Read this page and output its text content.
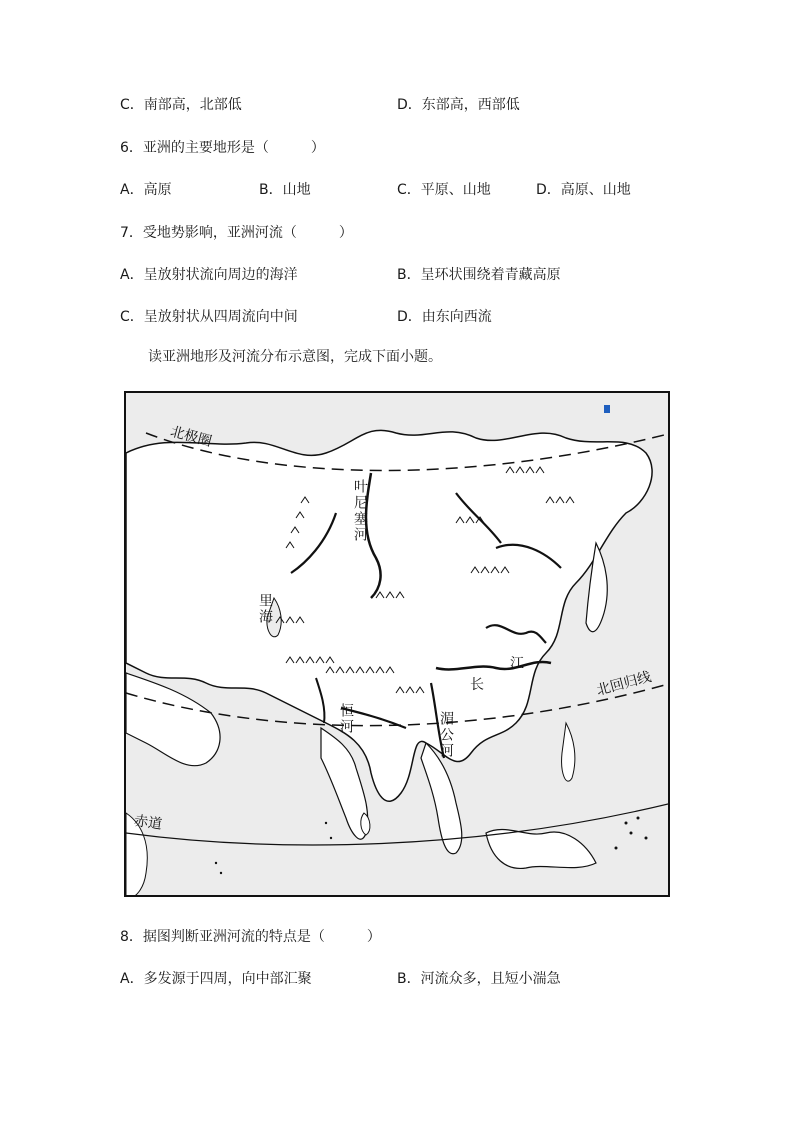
C．南部高，北部低	D．东部高，西部低
6．亚洲的主要地形是（　　　）
A．高原	B．山地	C．平原、山地	D．高原、山地
7．受地势影响，亚洲河流（　　　）
A．呈放射状流向周边的海洋	B．呈环状围绕着青藏高原
C．呈放射状从四周流向中间	D．由东向西流
读亚洲地形及河流分布示意图，完成下面小题。
北极圈
北回归线
赤道
叶尼塞河
里海
恒河	湄公河
长
江
8．据图判断亚洲河流的特点是（　　　）
A．多发源于四周，向中部汇聚	B．河流众多，且短小湍急
